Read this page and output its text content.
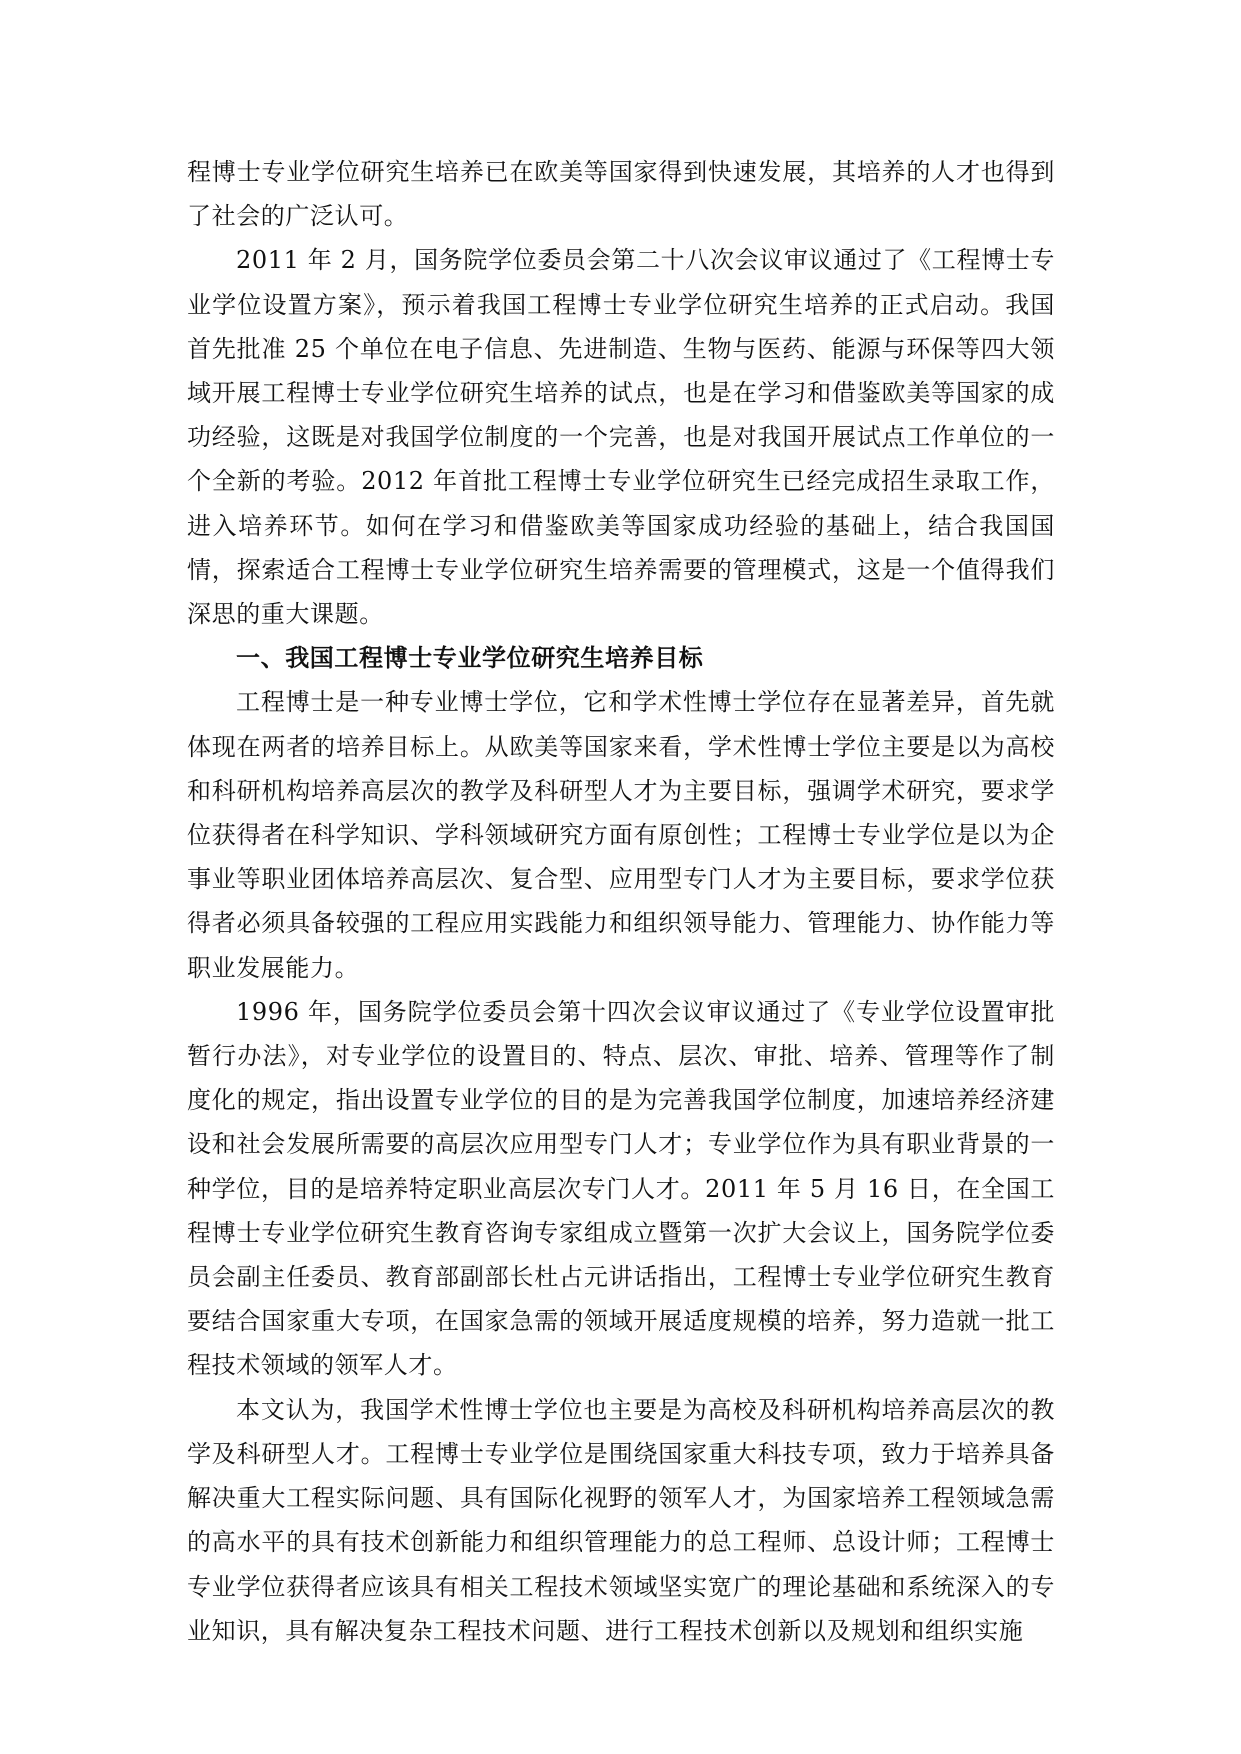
程博士专业学位研究生培养已在欧美等国家得到快速发展，其培养的人才也得到了社会的广泛认可。

2011 年 2 月，国务院学位委员会第二十八次会议审议通过了《工程博士专业学位设置方案》，预示着我国工程博士专业学位研究生培养的正式启动。我国首先批准 25 个单位在电子信息、先进制造、生物与医药、能源与环保等四大领域开展工程博士专业学位研究生培养的试点，也是在学习和借鉴欧美等国家的成功经验，这既是对我国学位制度的一个完善，也是对我国开展试点工作单位的一个全新的考验。2012 年首批工程博士专业学位研究生已经完成招生录取工作，进入培养环节。如何在学习和借鉴欧美等国家成功经验的基础上，结合我国国情，探索适合工程博士专业学位研究生培养需要的管理模式，这是一个值得我们深思的重大课题。

一、我国工程博士专业学位研究生培养目标

工程博士是一种专业博士学位，它和学术性博士学位存在显著差异，首先就体现在两者的培养目标上。从欧美等国家来看，学术性博士学位主要是以为高校和科研机构培养高层次的教学及科研型人才为主要目标，强调学术研究，要求学位获得者在科学知识、学科领域研究方面有原创性；工程博士专业学位是以为企事业等职业团体培养高层次、复合型、应用型专门人才为主要目标，要求学位获得者必须具备较强的工程应用实践能力和组织领导能力、管理能力、协作能力等职业发展能力。

1996 年，国务院学位委员会第十四次会议审议通过了《专业学位设置审批暂行办法》，对专业学位的设置目的、特点、层次、审批、培养、管理等作了制度化的规定，指出设置专业学位的目的是为完善我国学位制度，加速培养经济建设和社会发展所需要的高层次应用型专门人才；专业学位作为具有职业背景的一种学位，目的是培养特定职业高层次专门人才。2011 年 5 月 16 日，在全国工程博士专业学位研究生教育咨询专家组成立暨第一次扩大会议上，国务院学位委员会副主任委员、教育部副部长杜占元讲话指出，工程博士专业学位研究生教育要结合国家重大专项，在国家急需的领域开展适度规模的培养，努力造就一批工程技术领域的领军人才。

本文认为，我国学术性博士学位也主要是为高校及科研机构培养高层次的教学及科研型人才。工程博士专业学位是围绕国家重大科技专项，致力于培养具备解决重大工程实际问题、具有国际化视野的领军人才，为国家培养工程领域急需的高水平的具有技术创新能力和组织管理能力的总工程师、总设计师；工程博士专业学位获得者应该具有相关工程技术领域坚实宽广的理论基础和系统深入的专业知识，具有解决复杂工程技术问题、进行工程技术创新以及规划和组织实施
